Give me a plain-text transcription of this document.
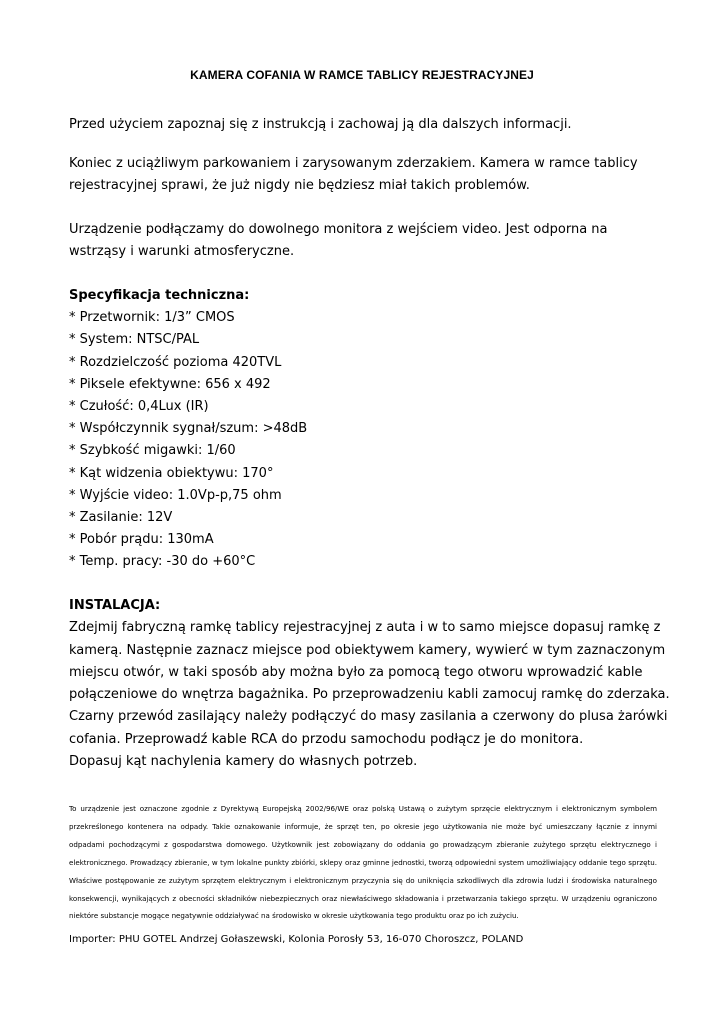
KAMERA COFANIA W RAMCE TABLICY REJESTRACYJNEJ

Przed użyciem zapoznaj się z instrukcją i zachowaj ją dla dalszych informacji.

Koniec z uciążliwym parkowaniem i zarysowanym zderzakiem. Kamera w ramce tablicy rejestracyjnej sprawi, że już nigdy nie będziesz miał takich problemów.

Urządzenie podłączamy do dowolnego monitora z wejściem video. Jest odporna na wstrząsy i warunki atmosferyczne.

Specyfikacja techniczna:
* Przetwornik: 1/3” CMOS
* System: NTSC/PAL
* Rozdzielczość pozioma 420TVL
* Piksele efektywne: 656 x 492
* Czułość: 0,4Lux (IR)
* Współczynnik sygnał/szum: >48dB
* Szybkość migawki: 1/60
* Kąt widzenia obiektywu: 170°
* Wyjście video: 1.0Vp-p,75 ohm
* Zasilanie: 12V
* Pobór prądu: 130mA
* Temp. pracy: -30 do +60°C
INSTALACJA:
Zdejmij fabryczną ramkę tablicy rejestracyjnej z auta i w to samo miejsce dopasuj ramkę z
kamerą. Następnie zaznacz miejsce pod obiektywem kamery, wywierć w tym zaznaczonym
miejscu otwór, w taki sposób aby można było za pomocą tego otworu wprowadzić kable
połączeniowe do wnętrza bagażnika. Po przeprowadzeniu kabli zamocuj ramkę do zderzaka.
Czarny przewód zasilający należy podłączyć do masy zasilania a czerwony do plusa żarówki
cofania. Przeprowadź kable RCA do przodu samochodu podłącz je do monitora.
Dopasuj kąt nachylenia kamery do własnych potrzeb.

To urządzenie jest oznaczone zgodnie z Dyrektywą Europejską 2002/96/WE oraz polską Ustawą o zużytym sprzęcie elektrycznym i elektronicznym symbolem przekreślonego kontenera na odpady. Takie oznakowanie informuje, że sprzęt ten, po okresie jego użytkowania nie może być umieszczany łącznie z innymi odpadami pochodzącymi z gospodarstwa domowego. Użytkownik jest zobowiązany do oddania go prowadzącym zbieranie zużytego sprzętu elektrycznego i elektronicznego. Prowadzący zbieranie, w tym lokalne punkty zbiórki, sklepy oraz gminne jednostki, tworzą odpowiedni system umożliwiający oddanie tego sprzętu. Właściwe postępowanie ze zużytym sprzętem elektrycznym i elektronicznym przyczynia się do uniknięcia szkodliwych dla zdrowia ludzi i środowiska naturalnego konsekwencji, wynikających z obecności składników niebezpiecznych oraz niewłaściwego składowania i przetwarzania takiego sprzętu. W urządzeniu ograniczono niektóre substancje mogące negatywnie oddziaływać na środowisko w okresie użytkowania tego produktu oraz po ich zużyciu.

Importer: PHU GOTEL Andrzej Gołaszewski, Kolonia Porosły 53, 16-070 Choroszcz, POLAND
